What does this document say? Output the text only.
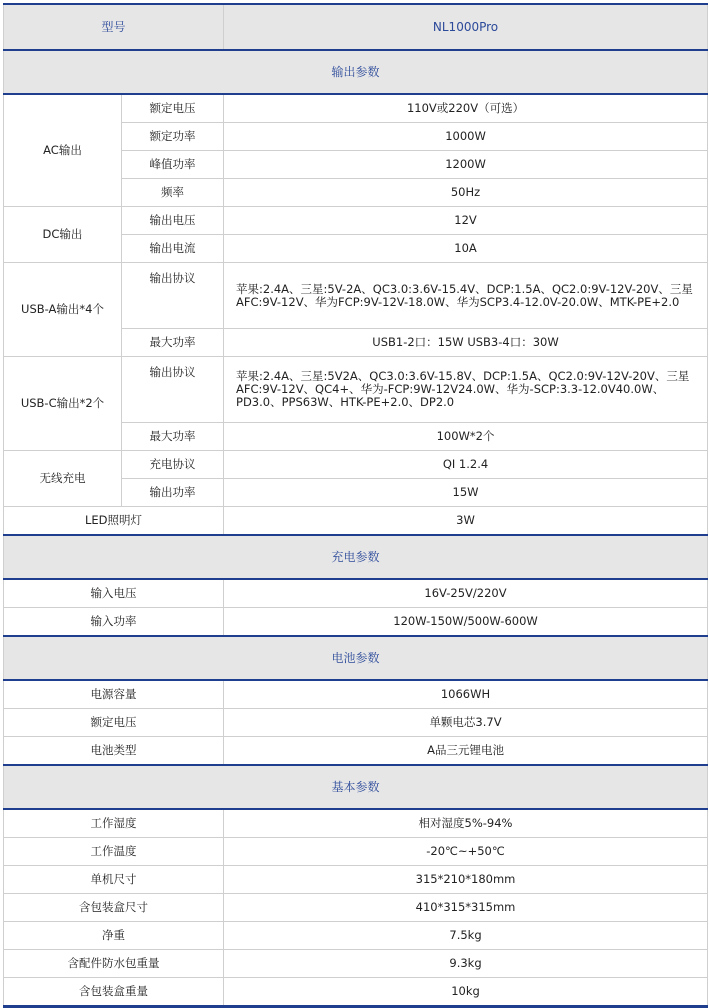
型号		NL1000Pro
输出参数		
AC输出	额定电压	110V或220V（可选）
	额定功率	1000W
	峰值功率	1200W
	频率	50Hz
DC输出	输出电压	12V
	输出电流	10A
USB-A输出*4个	输出协议	苹果:2.4A、三星:5V-2A、QC3.0:3.6V-15.4V、DCP:1.5A、QC2.0:9V-12V-20V、三星AFC:9V-12V、华为FCP:9V-12V-18.0W、华为SCP3.4-12.0V-20.0W、MTK-PE+2.0
	最大功率	USB1-2口：15W USB3-4口：30W
USB-C输出*2个	输出协议	苹果:2.4A、三星:5V2A、QC3.0:3.6V-15.8V、DCP:1.5A、QC2.0:9V-12V-20V、三星AFC:9V-12V、QC4+、华为-FCP:9W-12V24.0W、华为-SCP:3.3-12.0V40.0W、PD3.0、PPS63W、HTK-PE+2.0、DP2.0
	最大功率	100W*2个
无线充电	充电协议	QI 1.2.4
	输出功率	15W
LED照明灯		3W
充电参数		
输入电压		16V-25V/220V
输入功率		120W-150W/500W-600W
电池参数		
电源容量		1066WH
额定电压		单颗电芯3.7V
电池类型		A品三元锂电池
基本参数		
工作湿度		相对湿度5%-94%
工作温度		-20℃~+50℃
单机尺寸		315*210*180mm
含包装盒尺寸		410*315*315mm
净重		7.5kg
含配件防水包重量		9.3kg
含包装盒重量		10kg
